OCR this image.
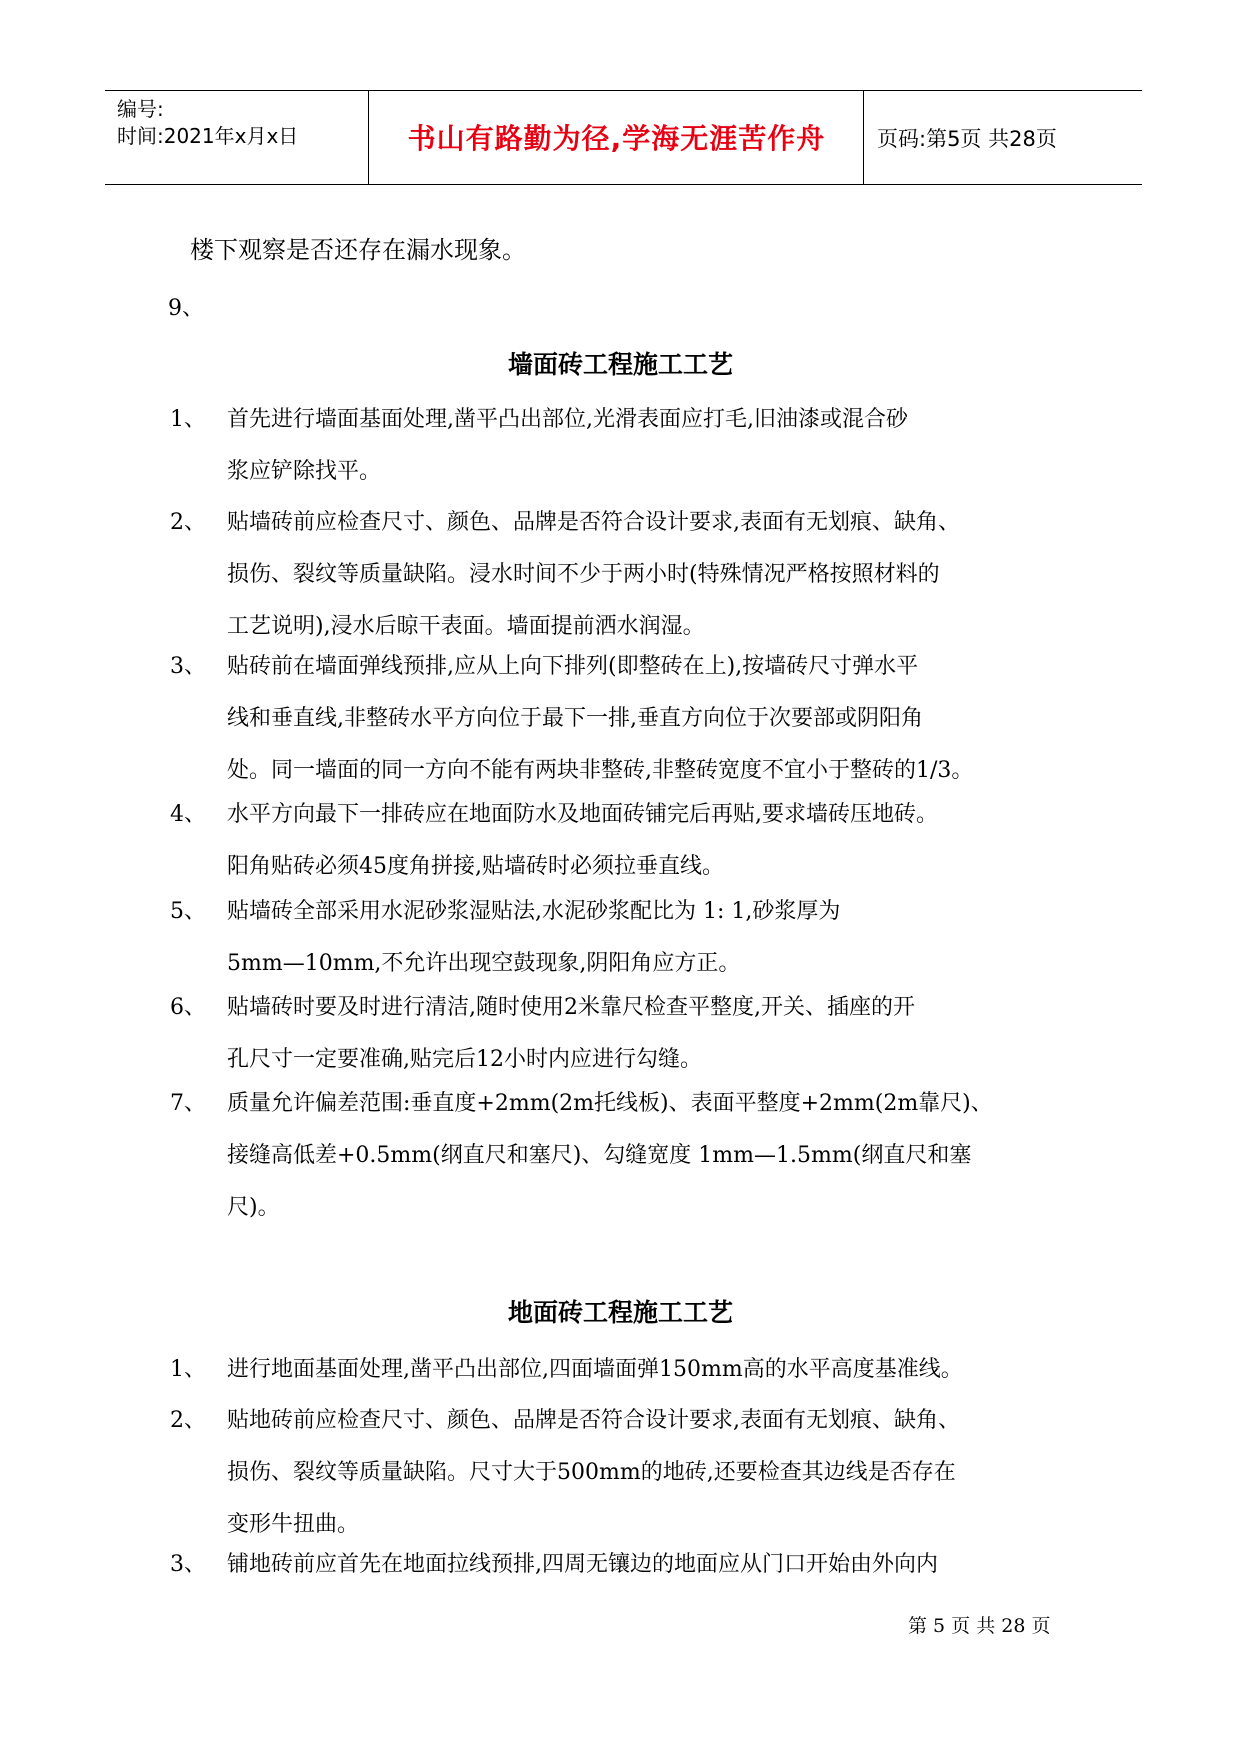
编号:
时间:2021年x月x日	书山有路勤为径,学海无涯苦作舟	页码:第5页 共28页
楼下观察是否还存在漏水现象。
9、
墙面砖工程施工工艺
1、 首先进行墙面基面处理,凿平凸出部位,光滑表面应打毛,旧油漆或混合砂
浆应铲除找平。
2、 贴墙砖前应检查尺寸、颜色、品牌是否符合设计要求,表面有无划痕、缺角、
损伤、裂纹等质量缺陷。浸水时间不少于两小时(特殊情况严格按照材料的
工艺说明),浸水后晾干表面。墙面提前洒水润湿。
3、 贴砖前在墙面弹线预排,应从上向下排列(即整砖在上),按墙砖尺寸弹水平
线和垂直线,非整砖水平方向位于最下一排,垂直方向位于次要部或阴阳角
处。同一墙面的同一方向不能有两块非整砖,非整砖宽度不宜小于整砖的1/3。
4、 水平方向最下一排砖应在地面防水及地面砖铺完后再贴,要求墙砖压地砖。
阳角贴砖必须45度角拼接,贴墙砖时必须拉垂直线。
5、 贴墙砖全部采用水泥砂浆湿贴法,水泥砂浆配比为 1: 1,砂浆厚为
5mm—10mm,不允许出现空鼓现象,阴阳角应方正。
6、 贴墙砖时要及时进行清洁,随时使用2米靠尺检查平整度,开关、插座的开
孔尺寸一定要准确,贴完后12小时内应进行勾缝。
7、 质量允许偏差范围:垂直度+2mm(2m托线板)、表面平整度+2mm(2m靠尺)、
接缝高低差+0.5mm(纲直尺和塞尺)、勾缝宽度 1mm—1.5mm(纲直尺和塞
尺)。
地面砖工程施工工艺
1、 进行地面基面处理,凿平凸出部位,四面墙面弹150mm高的水平高度基准线。
2、 贴地砖前应检查尺寸、颜色、品牌是否符合设计要求,表面有无划痕、缺角、
损伤、裂纹等质量缺陷。尺寸大于500mm的地砖,还要检查其边线是否存在
变形牛扭曲。
3、 铺地砖前应首先在地面拉线预排,四周无镶边的地面应从门口开始由外向内
第 5 页 共 28 页
